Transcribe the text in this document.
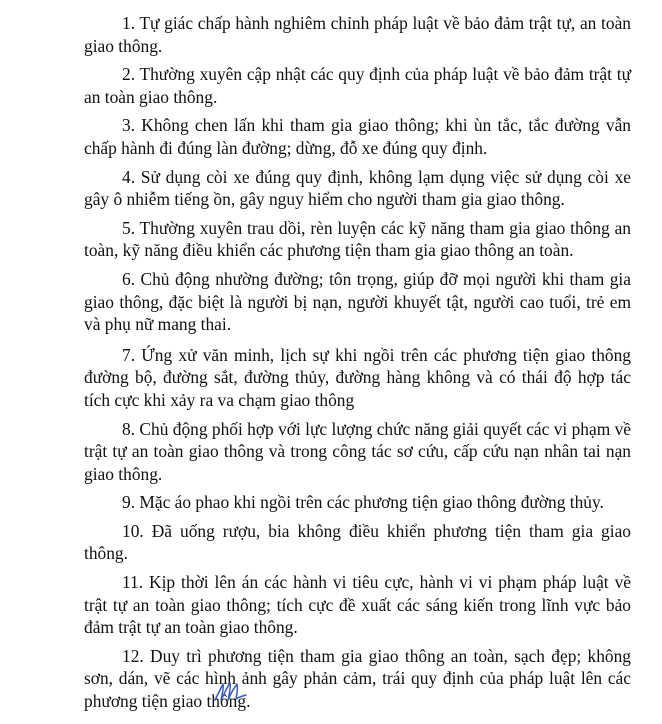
1. Tự giác chấp hành nghiêm chỉnh pháp luật về bảo đảm trật tự, an toàn giao thông.

2. Thường xuyên cập nhật các quy định của pháp luật về bảo đảm trật tự an toàn giao thông.

3. Không chen lấn khi tham gia giao thông; khi ùn tắc, tắc đường vẫn chấp hành đi đúng làn đường; dừng, đỗ xe đúng quy định.

4. Sử dụng còi xe đúng quy định, không lạm dụng việc sử dụng còi xe gây ô nhiễm tiếng ồn, gây nguy hiểm cho người tham gia giao thông.

5. Thường xuyên trau dồi, rèn luyện các kỹ năng tham gia giao thông an toàn, kỹ năng điều khiển các phương tiện tham gia giao thông an toàn.

6. Chủ động nhường đường; tôn trọng, giúp đỡ mọi người khi tham gia giao thông, đặc biệt là người bị nạn, người khuyết tật, người cao tuổi, trẻ em và phụ nữ mang thai.

7. Ứng xử văn minh, lịch sự khi ngồi trên các phương tiện giao thông đường bộ, đường sắt, đường thủy, đường hàng không và có thái độ hợp tác tích cực khi xảy ra va chạm giao thông

8. Chủ động phối hợp với lực lượng chức năng giải quyết các vi phạm về trật tự an toàn giao thông và trong công tác sơ cứu, cấp cứu nạn nhân tai nạn giao thông.

9. Mặc áo phao khi ngồi trên các phương tiện giao thông đường thủy.

10. Đã uống rượu, bia không điều khiển phương tiện tham gia giao thông.

11. Kịp thời lên án các hành vi tiêu cực, hành vi vi phạm pháp luật về trật tự an toàn giao thông; tích cực đề xuất các sáng kiến trong lĩnh vực bảo đảm trật tự an toàn giao thông.

12. Duy trì phương tiện tham gia giao thông an toàn, sạch đẹp; không sơn, dán, vẽ các hình ảnh gây phản cảm, trái quy định của pháp luật lên các phương tiện giao thông.
